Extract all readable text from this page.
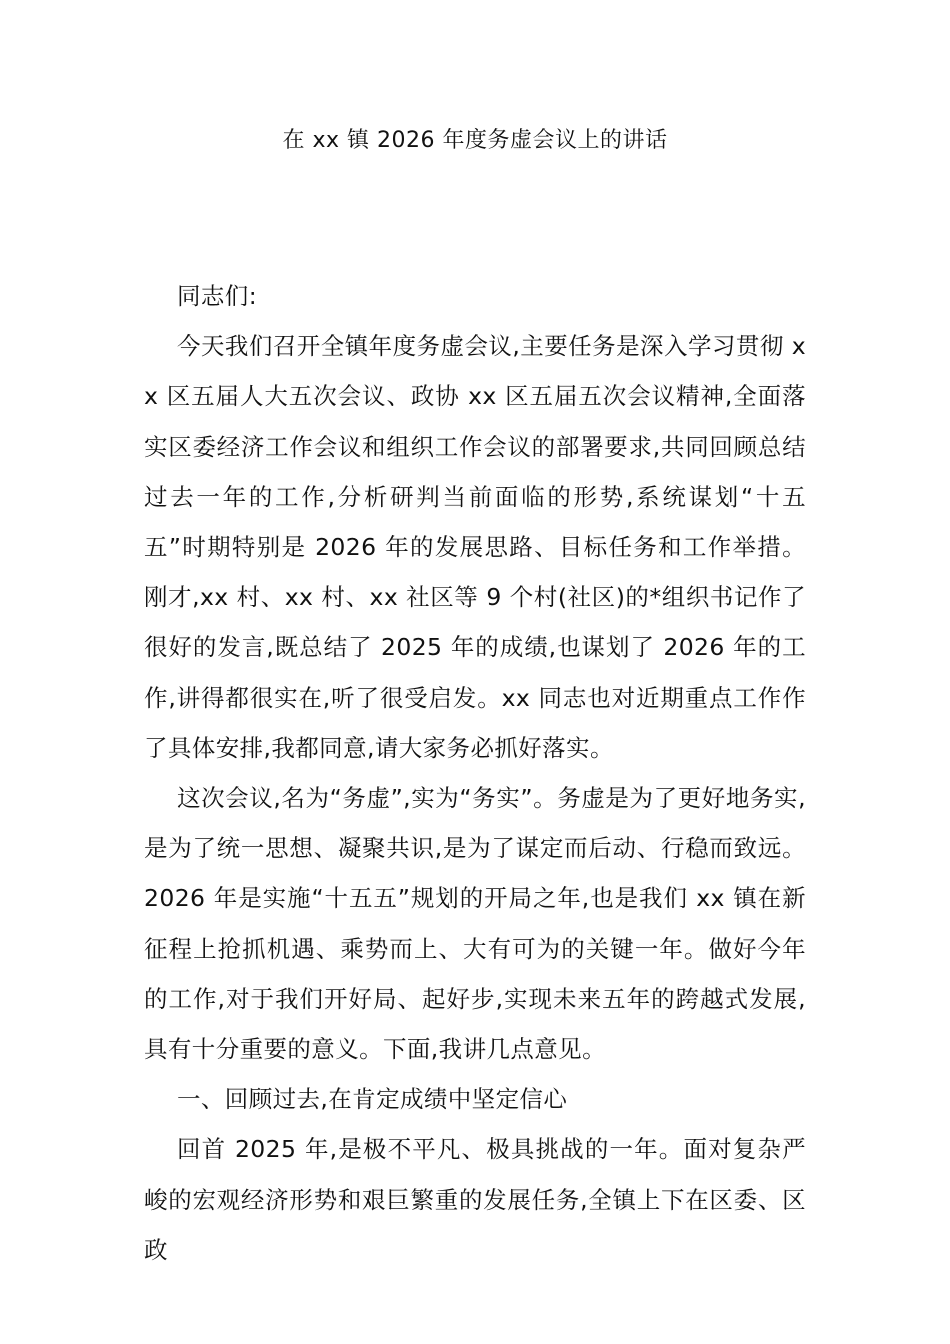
在 xx 镇 2026 年度务虚会议上的讲话

同志们:

今天我们召开全镇年度务虚会议,主要任务是深入学习贯彻 xx 区五届人大五次会议、政协 xx 区五届五次会议精神,全面落实区委经济工作会议和组织工作会议的部署要求,共同回顾总结过去一年的工作,分析研判当前面临的形势,系统谋划“十五五”时期特别是 2026 年的发展思路、目标任务和工作举措。刚才,xx 村、xx 村、xx 社区等 9 个村(社区)的*组织书记作了很好的发言,既总结了 2025 年的成绩,也谋划了 2026 年的工作,讲得都很实在,听了很受启发。xx 同志也对近期重点工作作了具体安排,我都同意,请大家务必抓好落实。

这次会议,名为“务虚”,实为“务实”。务虚是为了更好地务实,是为了统一思想、凝聚共识,是为了谋定而后动、行稳而致远。2026 年是实施“十五五”规划的开局之年,也是我们 xx 镇在新征程上抢抓机遇、乘势而上、大有可为的关键一年。做好今年的工作,对于我们开好局、起好步,实现未来五年的跨越式发展,具有十分重要的意义。下面,我讲几点意见。

一、回顾过去,在肯定成绩中坚定信心

回首 2025 年,是极不平凡、极具挑战的一年。面对复杂严峻的宏观经济形势和艰巨繁重的发展任务,全镇上下在区委、区政
